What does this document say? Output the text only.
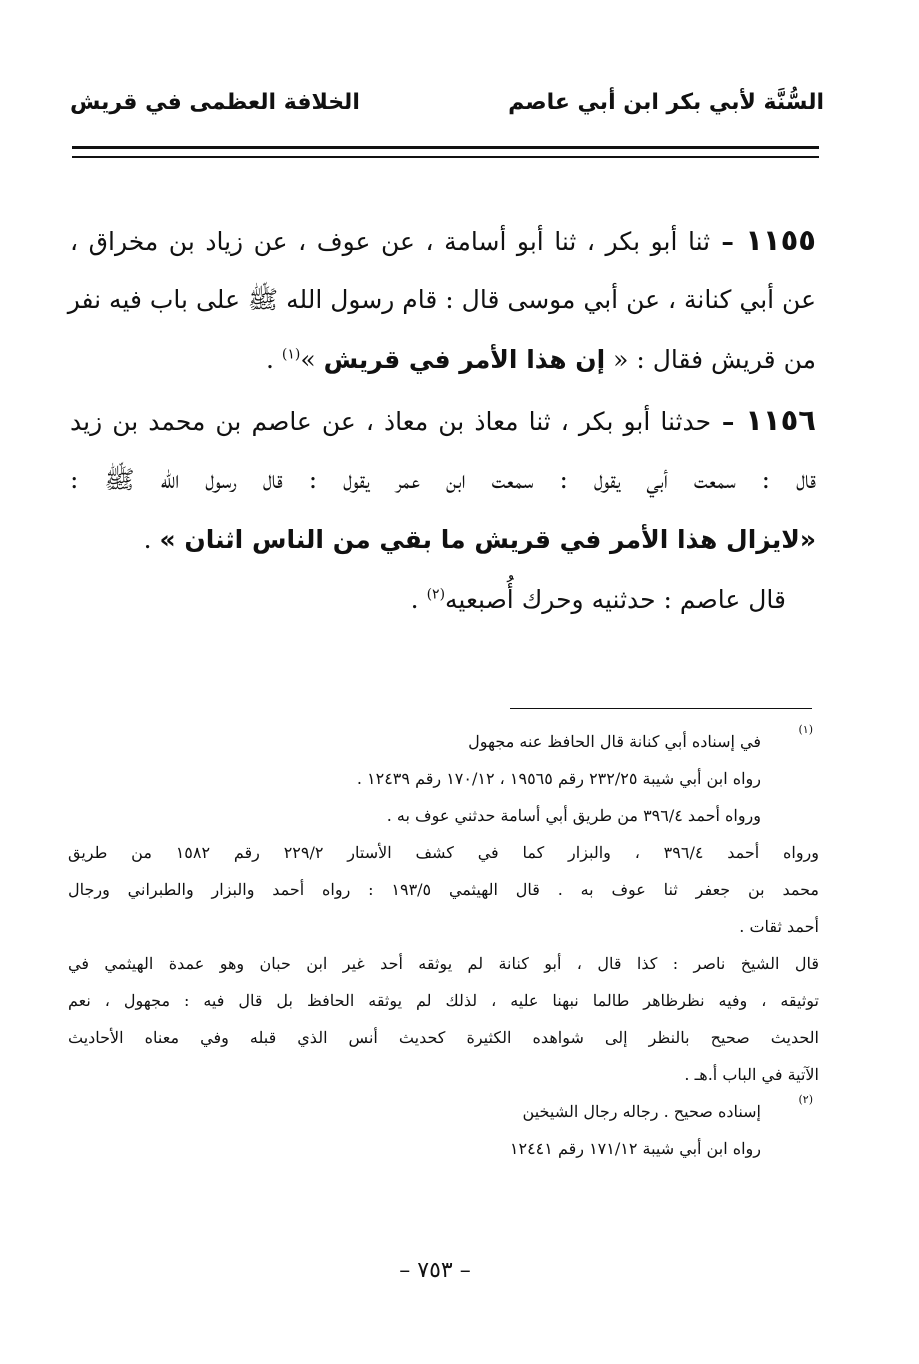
السُّنَّة لأبي بكر ابن أبي عاصم
الخلافة العظمى في قريش
١١٥٥ – ثنا أبو بكر ، ثنا أبو أسامة ، عن عوف ، عن زياد بن مخراق ،
عن أبي كنانة ، عن أبي موسى قال : قام رسول الله ﷺ على باب فيه نفر
من قريش فقال : « إن هذا الأمر في قريش »$^{(١)}$ .
١١٥٦ – حدثنا أبو بكر ، ثنا معاذ بن معاذ ، عن عاصم بن محمد بن زيد
قال : سمعت أبي يقول : سمعت ابن عمر يقول : قال رسول الله ﷺ :
«لايزال هذا الأمر في قريش ما بقي من الناس اثنان » .
قال عاصم : حدثنيه وحرك أُصبعيه$^{(٢)}$ .
(١)
في إسناده أبي كنانة قال الحافظ عنه مجهول
رواه ابن أبي شيبة ٢٣٢/٢٥ رقم ١٩٥٦٥ ، ١٧٠/١٢ رقم ١٢٤٣٩ .
ورواه أحمد ٣٩٦/٤ من طريق أبي أسامة حدثني عوف به .
ورواه أحمد ٣٩٦/٤ ، والبزار كما في كشف الأستار ٢٢٩/٢ رقم ١٥٨٢ من طريق
محمد بن جعفر ثنا عوف به . قال الهيثمي ١٩٣/٥ : رواه أحمد والبزار والطبراني ورجال
أحمد ثقات .
قال الشيخ ناصر : كذا قال ، أبو كنانة لم يوثقه أحد غير ابن حبان وهو عمدة الهيثمي في
توثيقه ، وفيه نظرظاهر طالما نبهنا عليه ، لذلك لم يوثقه الحافظ بل قال فيه : مجهول ، نعم
الحديث صحيح بالنظر إلى شواهده الكثيرة كحديث أنس الذي قبله وفي معناه الأحاديث
الآتية في الباب أ.هـ .
(٢)
إسناده صحيح . رجاله رجال الشيخين
رواه ابن أبي شيبة ١٧١/١٢ رقم ١٢٤٤١
– ٧٥٣ –
